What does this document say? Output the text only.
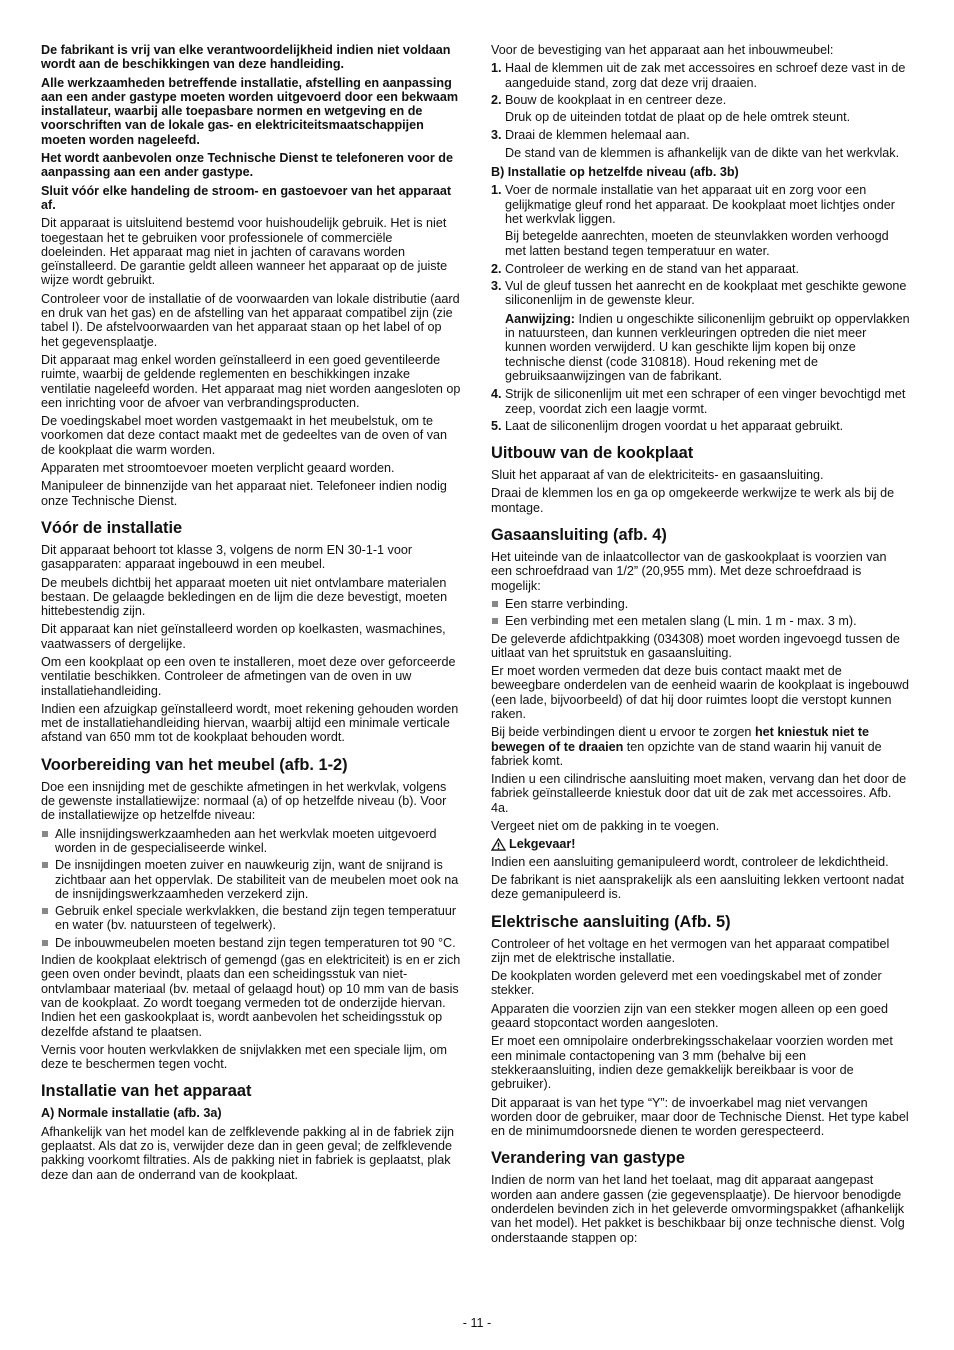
De fabrikant is vrij van elke verantwoordelijkheid indien niet voldaan wordt aan de beschikkingen van deze handleiding.

Alle werkzaamheden betreffende installatie, afstelling en aanpassing aan een ander gastype moeten worden uitgevoerd door een bekwaam installateur, waarbij alle toepasbare normen en wetgeving en de voorschriften van de lokale gas- en elektriciteitsmaatschappijen moeten worden nageleefd.

Het wordt aanbevolen onze Technische Dienst te telefoneren voor de aanpassing aan een ander gastype.

Sluit vóór elke handeling de stroom- en gastoevoer van het apparaat af.

Dit apparaat is uitsluitend bestemd voor huishoudelijk gebruik. Het is niet toegestaan het te gebruiken voor professionele of commerciële doeleinden. Het apparaat mag niet in jachten of caravans worden geïnstalleerd. De garantie geldt alleen wanneer het apparaat op de juiste wijze wordt gebruikt.

Controleer voor de installatie of de voorwaarden van lokale distributie (aard en druk van het gas) en de afstelling van het apparaat compatibel zijn (zie tabel I). De afstelvoorwaarden van het apparaat staan op het label of op het gegevensplaatje.

Dit apparaat mag enkel worden geïnstalleerd in een goed geventileerde ruimte, waarbij de geldende reglementen en beschikkingen inzake ventilatie nageleefd worden. Het apparaat mag niet worden aangesloten op een inrichting voor de afvoer van verbrandingsproducten.

De voedingskabel moet worden vastgemaakt in het meubelstuk, om te voorkomen dat deze contact maakt met de gedeeltes van de oven of van de kookplaat die warm worden.

Apparaten met stroomtoevoer moeten verplicht geaard worden.

Manipuleer de binnenzijde van het apparaat niet. Telefoneer indien nodig onze Technische Dienst.

Vóór de installatie

Dit apparaat behoort tot klasse 3, volgens de norm EN 30-1-1 voor gasapparaten: apparaat ingebouwd in een meubel.

De meubels dichtbij het apparaat moeten uit niet ontvlambare materialen bestaan. De gelaagde bekledingen en de lijm die deze bevestigt, moeten hittebestendig zijn.

Dit apparaat kan niet geïnstalleerd worden op koelkasten, wasmachines, vaatwassers of dergelijke.

Om een kookplaat op een oven te installeren, moet deze over geforceerde ventilatie beschikken. Controleer de afmetingen van de oven in uw installatiehandleiding.

Indien een afzuigkap geïnstalleerd wordt, moet rekening gehouden worden met de installatiehandleiding hiervan, waarbij altijd een minimale verticale afstand van 650 mm tot de kookplaat behouden wordt.

Voorbereiding van het meubel (afb. 1-2)

Doe een insnijding met de geschikte afmetingen in het werkvlak, volgens de gewenste installatiewijze: normaal (a) of op hetzelfde niveau (b). Voor de installatiewijze op hetzelfde niveau:

Alle insnijdingswerkzaamheden aan het werkvlak moeten uitgevoerd worden in de gespecialiseerde winkel.
De insnijdingen moeten zuiver en nauwkeurig zijn, want de snijrand is zichtbaar aan het oppervlak. De stabiliteit van de meubelen moet ook na de insnijdingswerkzaamheden verzekerd zijn.
Gebruik enkel speciale werkvlakken, die bestand zijn tegen temperatuur en water (bv. natuursteen of tegelwerk).
De inbouwmeubelen moeten bestand zijn tegen temperaturen tot 90 °C.

Indien de kookplaat elektrisch of gemengd (gas en elektriciteit) is en er zich geen oven onder bevindt, plaats dan een scheidingsstuk van niet-ontvlambaar materiaal (bv. metaal of gelaagd hout) op 10 mm van de basis van de kookplaat. Zo wordt toegang vermeden tot de onderzijde hiervan. Indien het een gaskookplaat is, wordt aanbevolen het scheidingsstuk op dezelfde afstand te plaatsen.

Vernis voor houten werkvlakken de snijvlakken met een speciale lijm, om deze te beschermen tegen vocht.

Installatie van het apparaat
A) Normale installatie (afb. 3a)

Afhankelijk van het model kan de zelfklevende pakking al in de fabriek zijn geplaatst. Als dat zo is, verwijder deze dan in geen geval; de zelfklevende pakking voorkomt filtraties. Als de pakking niet in fabriek is geplaatst, plak deze dan aan de onderrand van de kookplaat.

Voor de bevestiging van het apparaat aan het inbouwmeubel:

1. Haal de klemmen uit de zak met accessoires en schroef deze vast in de aangeduide stand, zorg dat deze vrij draaien.
2. Bouw de kookplaat in en centreer deze.

Druk op de uiteinden totdat de plaat op de hele omtrek steunt.

3. Draai de klemmen helemaal aan.

De stand van de klemmen is afhankelijk van de dikte van het werkvlak.

B) Installatie op hetzelfde niveau (afb. 3b)
1. Voer de normale installatie van het apparaat uit en zorg voor een gelijkmatige gleuf rond het apparaat. De kookplaat moet lichtjes onder het werkvlak liggen.

Bij betegelde aanrechten, moeten de steunvlakken worden verhoogd met latten bestand tegen temperatuur en water.

2. Controleer de werking en de stand van het apparaat.
3. Vul de gleuf tussen het aanrecht en de kookplaat met geschikte gewone siliconenlijm in de gewenste kleur.

Aanwijzing: Indien u ongeschikte siliconenlijm gebruikt op oppervlakken in natuursteen, dan kunnen verkleuringen optreden die niet meer kunnen worden verwijderd. U kan geschikte lijm kopen bij onze technische dienst (code 310818). Houd rekening met de gebruiksaanwijzingen van de fabrikant.

4. Strijk de siliconenlijm uit met een schraper of een vinger bevochtigd met zeep, voordat zich een laagje vormt.
5. Laat de siliconenlijm drogen voordat u het apparaat gebruikt.
Uitbouw van de kookplaat

Sluit het apparaat af van de elektriciteits- en gasaansluiting.

Draai de klemmen los en ga op omgekeerde werkwijze te werk als bij de montage.

Gasaansluiting (afb. 4)

Het uiteinde van de inlaatcollector van de gaskookplaat is voorzien van een schroefdraad van 1/2” (20,955 mm). Met deze schroefdraad is mogelijk:

Een starre verbinding.
Een verbinding met een metalen slang (L min. 1 m - max. 3 m).

De geleverde afdichtpakking (034308) moet worden ingevoegd tussen de uitlaat van het spruitstuk en gasaansluiting.

Er moet worden vermeden dat deze buis contact maakt met de beweegbare onderdelen van de eenheid waarin de kookplaat is ingebouwd (een lade, bijvoorbeeld) of dat hij door ruimtes loopt die verstopt kunnen raken.

Bij beide verbindingen dient u ervoor te zorgen het kniestuk niet te bewegen of te draaien ten opzichte van de stand waarin hij vanuit de fabriek komt.

Indien u een cilindrische aansluiting moet maken, vervang dan het door de fabriek geïnstalleerde kniestuk door dat uit de zak met accessoires. Afb. 4a.

Vergeet niet om de pakking in te voegen.

Lekgevaar!

Indien een aansluiting gemanipuleerd wordt, controleer de lekdichtheid.

De fabrikant is niet aansprakelijk als een aansluiting lekken vertoont nadat deze gemanipuleerd is.

Elektrische aansluiting (Afb. 5)

Controleer of het voltage en het vermogen van het apparaat compatibel zijn met de elektrische installatie.

De kookplaten worden geleverd met een voedingskabel met of zonder stekker.

Apparaten die voorzien zijn van een stekker mogen alleen op een goed geaard stopcontact worden aangesloten.

Er moet een omnipolaire onderbrekingsschakelaar voorzien worden met een minimale contactopening van 3 mm (behalve bij een stekkeraansluiting, indien deze gemakkelijk bereikbaar is voor de gebruiker).

Dit apparaat is van het type “Y”: de invoerkabel mag niet vervangen worden door de gebruiker, maar door de Technische Dienst. Het type kabel en de minimumdoorsnede dienen te worden gerespecteerd.

Verandering van gastype

Indien de norm van het land het toelaat, mag dit apparaat aangepast worden aan andere gassen (zie gegevensplaatje). De hiervoor benodigde onderdelen bevinden zich in het geleverde omvormingspakket (afhankelijk van het model). Het pakket is beschikbaar bij onze technische dienst. Volg onderstaande stappen op:

- 11 -
